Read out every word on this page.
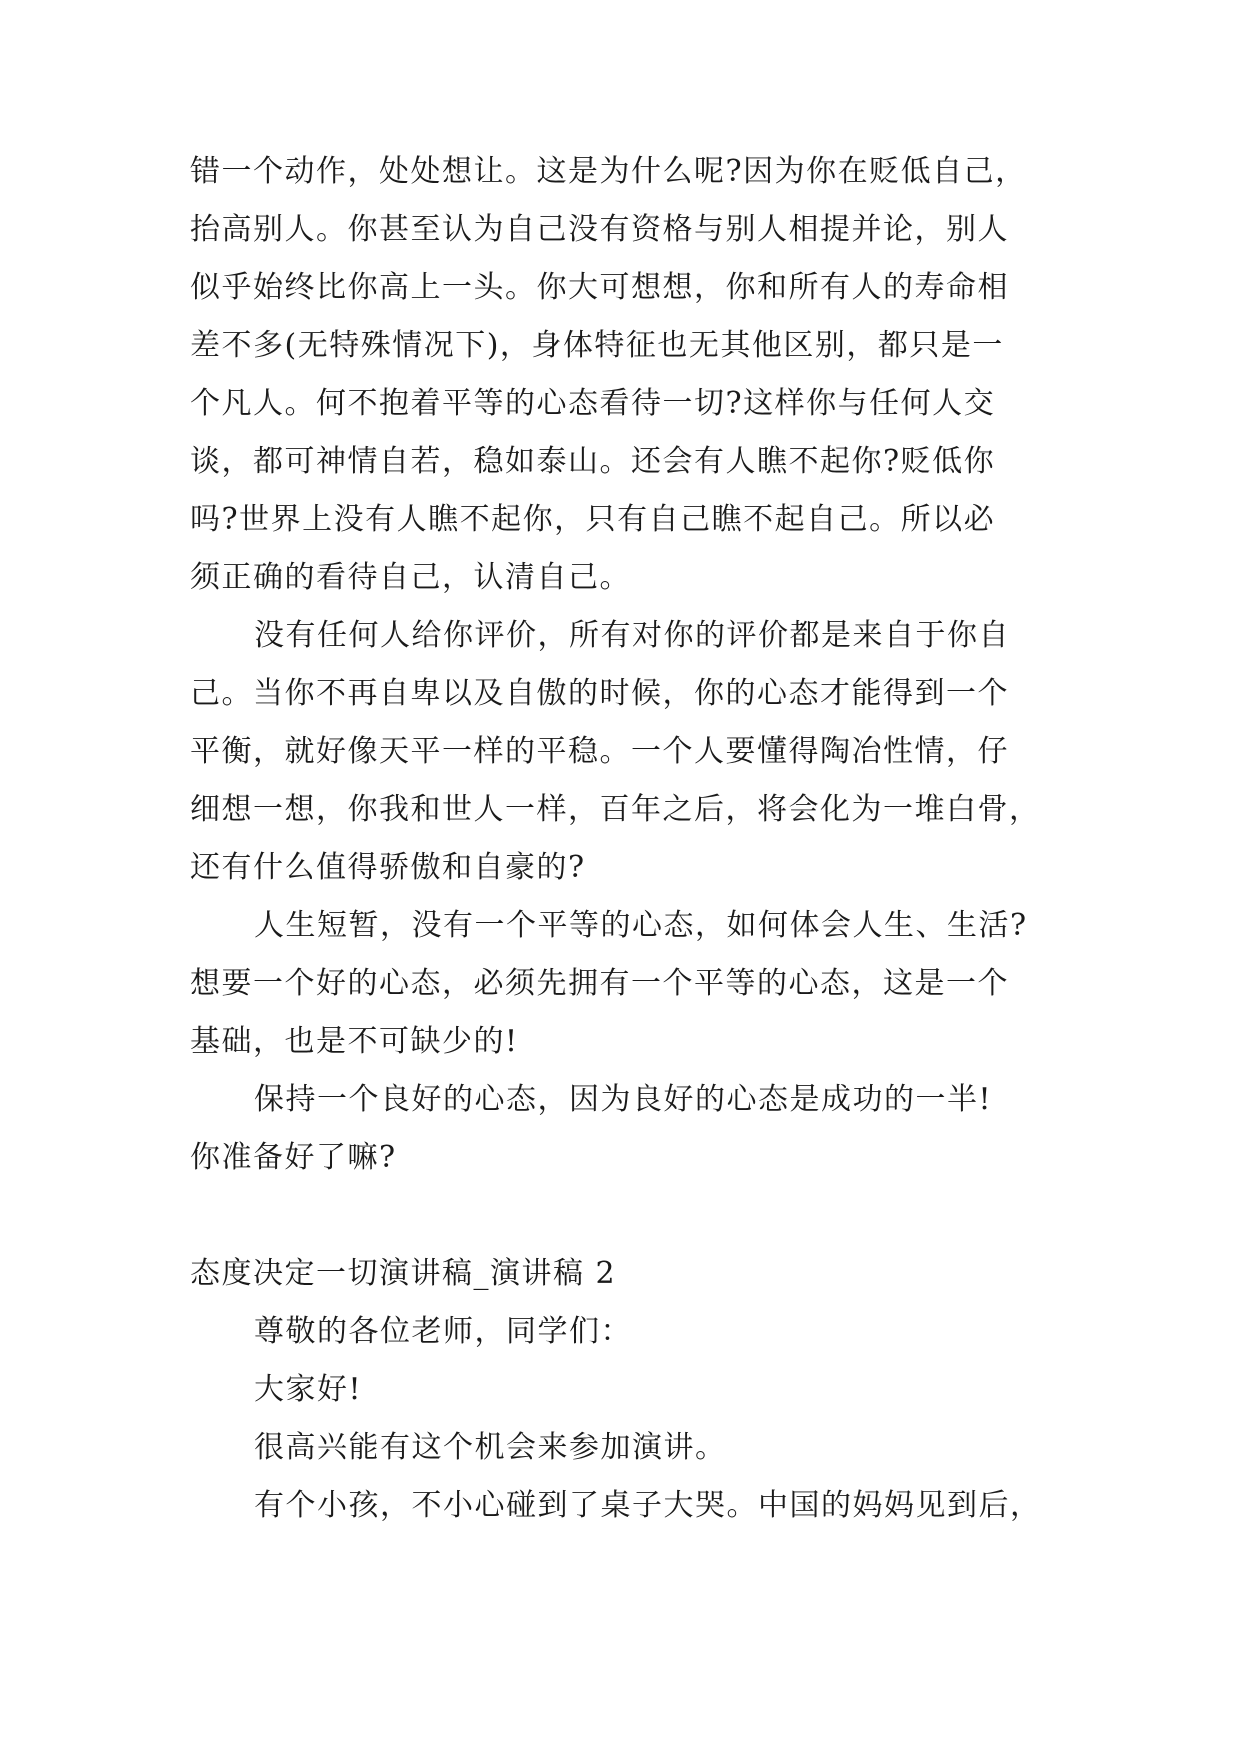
错一个动作，处处想让。这是为什么呢?因为你在贬低自己，
抬高别人。你甚至认为自己没有资格与别人相提并论，别人
似乎始终比你高上一头。你大可想想，你和所有人的寿命相
差不多(无特殊情况下)，身体特征也无其他区别，都只是一
个凡人。何不抱着平等的心态看待一切?这样你与任何人交
谈，都可神情自若，稳如泰山。还会有人瞧不起你?贬低你
吗?世界上没有人瞧不起你，只有自己瞧不起自己。所以必
须正确的看待自己，认清自己。
没有任何人给你评价，所有对你的评价都是来自于你自
己。当你不再自卑以及自傲的时候，你的心态才能得到一个
平衡，就好像天平一样的平稳。一个人要懂得陶冶性情，仔
细想一想，你我和世人一样，百年之后，将会化为一堆白骨，
还有什么值得骄傲和自豪的?
人生短暂，没有一个平等的心态，如何体会人生、生活?
想要一个好的心态，必须先拥有一个平等的心态，这是一个
基础，也是不可缺少的!
保持一个良好的心态，因为良好的心态是成功的一半!
你准备好了嘛?
态度决定一切演讲稿_演讲稿 2
尊敬的各位老师，同学们：
大家好!
很高兴能有这个机会来参加演讲。
有个小孩，不小心碰到了桌子大哭。中国的妈妈见到后，
